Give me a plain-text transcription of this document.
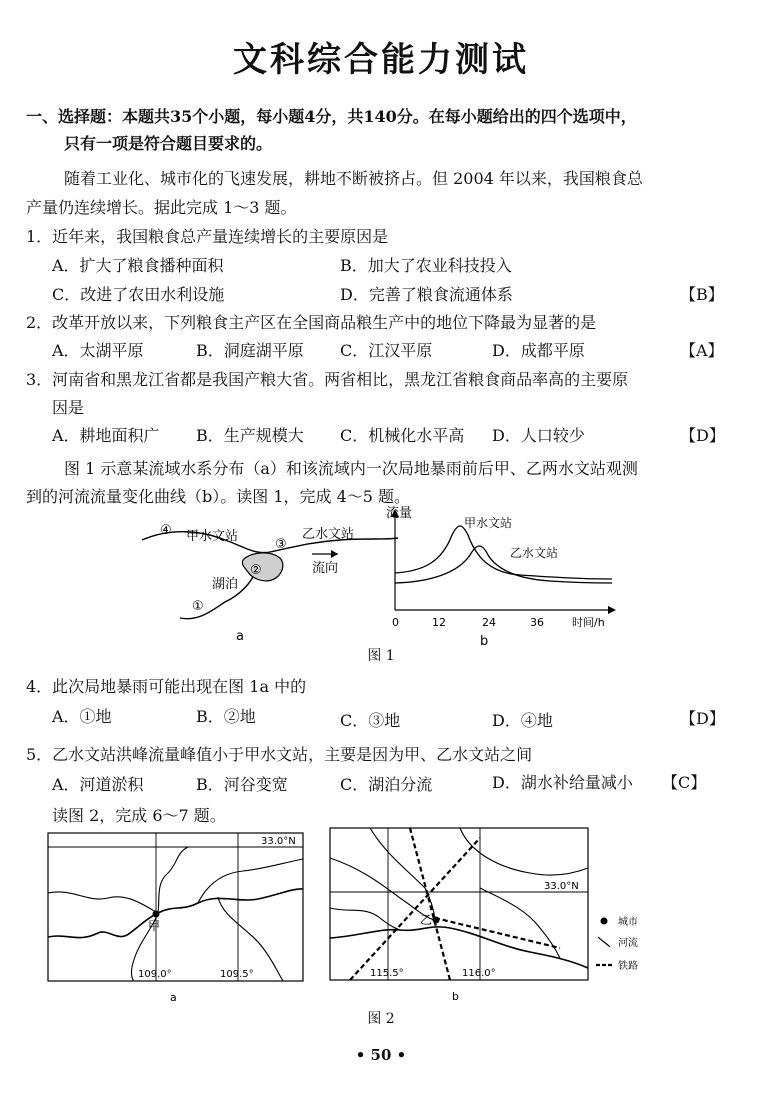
文科综合能力测试
一、选择题：本题共35个小题，每小题4分，共140分。在每小题给出的四个选项中，
只有一项是符合题目要求的。
随着工业化、城市化的飞速发展，耕地不断被挤占。但 2004 年以来，我国粮食总
产量仍连续增长。据此完成 1～3 题。
1．近年来，我国粮食总产量连续增长的主要原因是
A．扩大了粮食播种面积	B．加大了农业科技投入
C．改进了农田水利设施	D．完善了粮食流通体系	【B】
2．改革开放以来，下列粮食主产区在全国商品粮生产中的地位下降最为显著的是
A．太湖平原	B．洞庭湖平原 C．江汉平原	D．成都平原	【A】
3．河南省和黑龙江省都是我国产粮大省。两省相比，黑龙江省粮食商品率高的主要原
因是
A．耕地面积广 B．生产规模大 C．机械化水平高 D．人口较少	【D】
图 1 示意某流域水系分布（a）和该流域内一次局地暴雨前后甲、乙两水文站观测
到的河流流量变化曲线（b）。读图 1，完成 4～5 题。
④ 甲水文站
③
乙水文站
②	流向
湖泊
①
a
流量
时间/h
0	12	24	36
甲水文站
乙水文站
b
图 1
4．此次局地暴雨可能出现在图 1a 中的
A．①地	B．②地	C．③地	D．④地	【D】
5．乙水文站洪峰流量峰值小于甲水文站，主要是因为甲、乙水文站之间
A．河道淤积	B．河谷变宽	C．湖泊分流	D．湖水补给量减小 【C】
读图 2，完成 6～7 题。
甲
33.0°N
109.0°	109.5°
a
乙
33.0°N
115.5°	116.0°
b
城市
河流
铁路
图 2
• 50 •
